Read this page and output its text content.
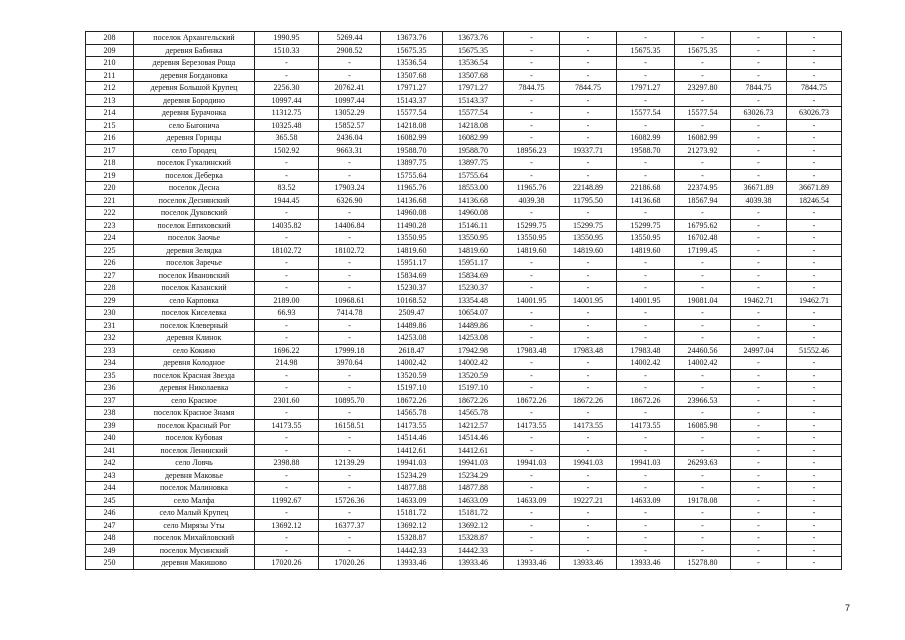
208	поселок Архангельский	1990.95	5269.44	13673.76	13673.76	-	-	-	-	-	-
209	деревня Бабинка	1510.33	2908.52	15675.35	15675.35	-	-	15675.35	15675.35	-	-
210	деревня Березовая Роща	-	-	13536.54	13536.54	-	-	-	-	-	-
211	деревня Богдановка	-	-	13507.68	13507.68	-	-	-	-	-	-
212	деревня Большой Крупец	2256.30	20762.41	17971.27	17971.27	7844.75	7844.75	17971.27	23297.80	7844.75	7844.75
213	деревня Бородино	10997.44	10997.44	15143.37	15143.37	-	-	-	-	-	-
214	деревня Бурачонка	11312.75	13052.29	15577.54	15577.54	-	-	15577.54	15577.54	63026.73	63026.73
215	село Быгонича	10325.48	15852.57	14218.08	14218.08	-	-	-	-	-	-
216	деревня Горицы	365.58	2436.04	16082.99	16082.99	-	-	16082.99	16082.99	-	-
217	село Городец	1502.92	9663.31	19588.70	19588.70	18956.23	19337.71	19588.70	21273.92	-	-
218	поселок Гукалинский	-	-	13897.75	13897.75	-	-	-	-	-	-
219	поселок Деберка	-	-	15755.64	15755.64	-	-	-	-	-	-
220	поселок Десна	83.52	17903.24	11965.76	18553.00	11965.76	22148.89	22186.68	22374.95	36671.89	36671.89
221	поселок Деснянский	1944.45	6326.90	14136.68	14136.68	4039.38	11795.50	14136.68	18567.94	4039.38	18246.54
222	поселок Дуковский	-	-	14960.08	14960.08	-	-	-	-	-	-
223	поселок Евтиховский	14035.82	14406.84	11490.28	15146.11	15299.75	15299.75	15299.75	16795.62	-	-
224	поселок Заочье	-	-	13550.95	13550.95	13550.95	13550.95	13550.95	16702.48	-	-
225	деревня Зелядка	18102.72	18102.72	14819.60	14819.60	14819.60	14819.60	14819.60	17199.45	-	-
226	поселок Заречье	-	-	15951.17	15951.17	-	-	-	-	-	-
227	поселок Ивановский	-	-	15834.69	15834.69	-	-	-	-	-	-
228	поселок Казанский	-	-	15230.37	15230.37	-	-	-	-	-	-
229	село Карповка	2189.00	10968.61	10168.52	13354.48	14001.95	14001.95	14001.95	19081.04	19462.71	19462.71
230	поселок Киселевка	66.93	7414.78	2509.47	10654.07	-	-	-	-	-	-
231	поселок Клеверный	-	-	14489.86	14489.86	-	-	-	-	-	-
232	деревня Клинок	-	-	14253.08	14253.08	-	-	-	-	-	-
233	село Кокино	1696.22	17999.18	2618.47	17942.98	17983.48	17983.48	17983.48	24460.56	24997.04	51552.46
234	деревня Колодное	214.98	3970.64	14002.42	14002.42	-	-	14002.42	14002.42	-	-
235	поселок Красная Звезда	-	-	13520.59	13520.59	-	-	-	-	-	-
236	деревня Николаевка	-	-	15197.10	15197.10	-	-	-	-	-	-
237	село Красное	2301.60	10895.70	18672.26	18672.26	18672.26	18672.26	18672.26	23966.53	-	-
238	поселок Красное Знамя	-	-	14565.78	14565.78	-	-	-	-	-	-
239	поселок Красный Рог	14173.55	16158.51	14173.55	14212.57	14173.55	14173.55	14173.55	16085.98	-	-
240	поселок Кубовая	-	-	14514.46	14514.46	-	-	-	-	-	-
241	поселок Ленинский	-	-	14412.61	14412.61	-	-	-	-	-	-
242	село Ловчь	2398.88	12139.29	19941.03	19941.03	19941.03	19941.03	19941.03	26293.63	-	-
243	деревня Маковье	-	-	15234.29	15234.29	-	-	-	-	-	-
244	поселок Малиновка	-	-	14877.88	14877.88	-	-	-	-	-	-
245	село Малфа	11992.67	15726.36	14633.09	14633.09	14633.09	19227.21	14633.09	19178.08	-	-
246	село Малый Крупец	-	-	15181.72	15181.72	-	-	-	-	-	-
247	село Мирязы Уты	13692.12	16377.37	13692.12	13692.12	-	-	-	-	-	-
248	поселок Михайловский	-	-	15328.87	15328.87	-	-	-	-	-	-
249	поселок Мусинский	-	-	14442.33	14442.33	-	-	-	-	-	-
250	деревня Макишово	17020.26	17020.26	13933.46	13933.46	13933.46	13933.46	13933.46	15278.80	-	-
7
